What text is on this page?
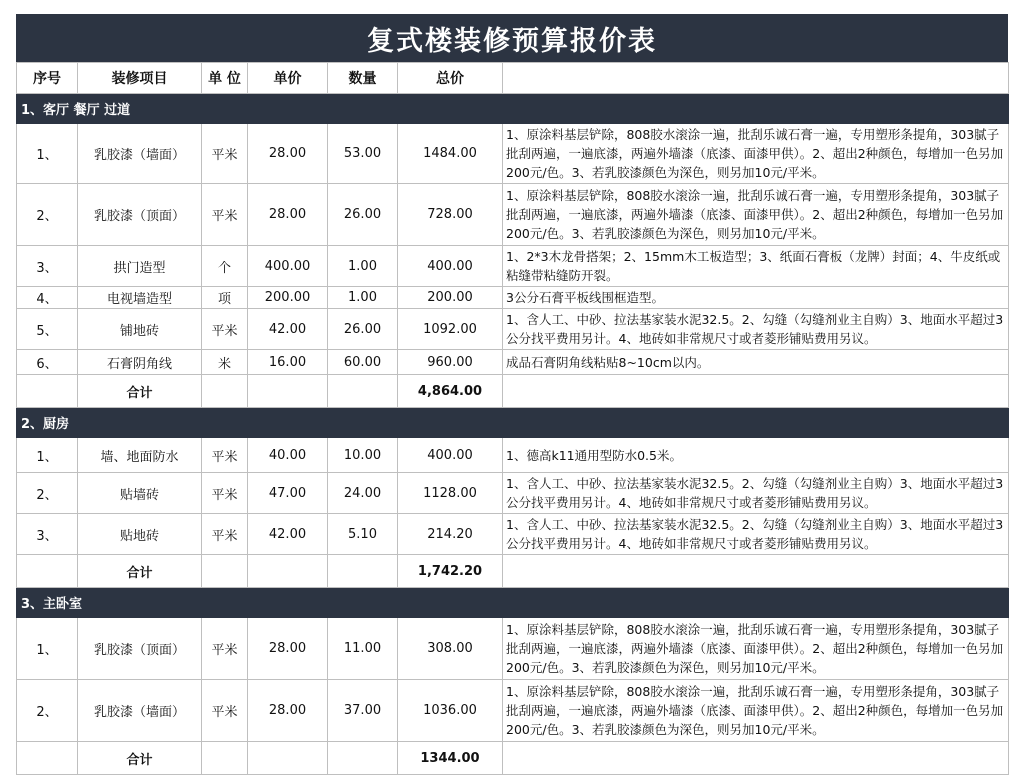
复式楼装修预算报价表
序号	装修项目	单 位	单价	数量	总价	
1、客厅 餐厅 过道						
1、	乳胶漆（墙面）	平米	28.00	53.00	1484.00	1、原涂料基层铲除，808胶水滚涂一遍，批刮乐诚石膏一遍，专用塑形条提角，303腻子批刮两遍，一遍底漆，两遍外墙漆（底漆、面漆甲供）。2、超出2种颜色，每增加一色另加200元/色。3、若乳胶漆颜色为深色，则另加10元/平米。
2、	乳胶漆（顶面）	平米	28.00	26.00	728.00	1、原涂料基层铲除，808胶水滚涂一遍，批刮乐诚石膏一遍，专用塑形条提角，303腻子批刮两遍，一遍底漆，两遍外墙漆（底漆、面漆甲供）。2、超出2种颜色，每增加一色另加200元/色。3、若乳胶漆颜色为深色，则另加10元/平米。
3、	拱门造型	个	400.00	1.00	400.00	1、2*3木龙骨搭架；2、15mm木工板造型；3、纸面石膏板（龙牌）封面；4、牛皮纸或粘缝带粘缝防开裂。
4、	电视墙造型	项	200.00	1.00	200.00	3公分石膏平板线围框造型。
5、	铺地砖	平米	42.00	26.00	1092.00	1、含人工、中砂、拉法基家装水泥32.5。2、勾缝（勾缝剂业主自购）3、地面水平超过3公分找平费用另计。4、地砖如非常规尺寸或者菱形铺贴费用另议。
6、	石膏阴角线	米	16.00	60.00	960.00	成品石膏阴角线粘贴8~10cm以内。
	合计				4,864.00	
2、厨房						
1、	墙、地面防水	平米	40.00	10.00	400.00	1、德高k11通用型防水0.5米。
2、	贴墙砖	平米	47.00	24.00	1128.00	1、含人工、中砂、拉法基家装水泥32.5。2、勾缝（勾缝剂业主自购）3、地面水平超过3公分找平费用另计。4、地砖如非常规尺寸或者菱形铺贴费用另议。
3、	贴地砖	平米	42.00	5.10	214.20	1、含人工、中砂、拉法基家装水泥32.5。2、勾缝（勾缝剂业主自购）3、地面水平超过3公分找平费用另计。4、地砖如非常规尺寸或者菱形铺贴费用另议。
	合计				1,742.20	
3、主卧室						
1、	乳胶漆（顶面）	平米	28.00	11.00	308.00	1、原涂料基层铲除，808胶水滚涂一遍，批刮乐诚石膏一遍，专用塑形条提角，303腻子批刮两遍，一遍底漆，两遍外墙漆（底漆、面漆甲供）。2、超出2种颜色，每增加一色另加200元/色。3、若乳胶漆颜色为深色，则另加10元/平米。
2、	乳胶漆（墙面）	平米	28.00	37.00	1036.00	1、原涂料基层铲除，808胶水滚涂一遍，批刮乐诚石膏一遍，专用塑形条提角，303腻子批刮两遍，一遍底漆，两遍外墙漆（底漆、面漆甲供）。2、超出2种颜色，每增加一色另加200元/色。3、若乳胶漆颜色为深色，则另加10元/平米。
	合计				1344.00	
